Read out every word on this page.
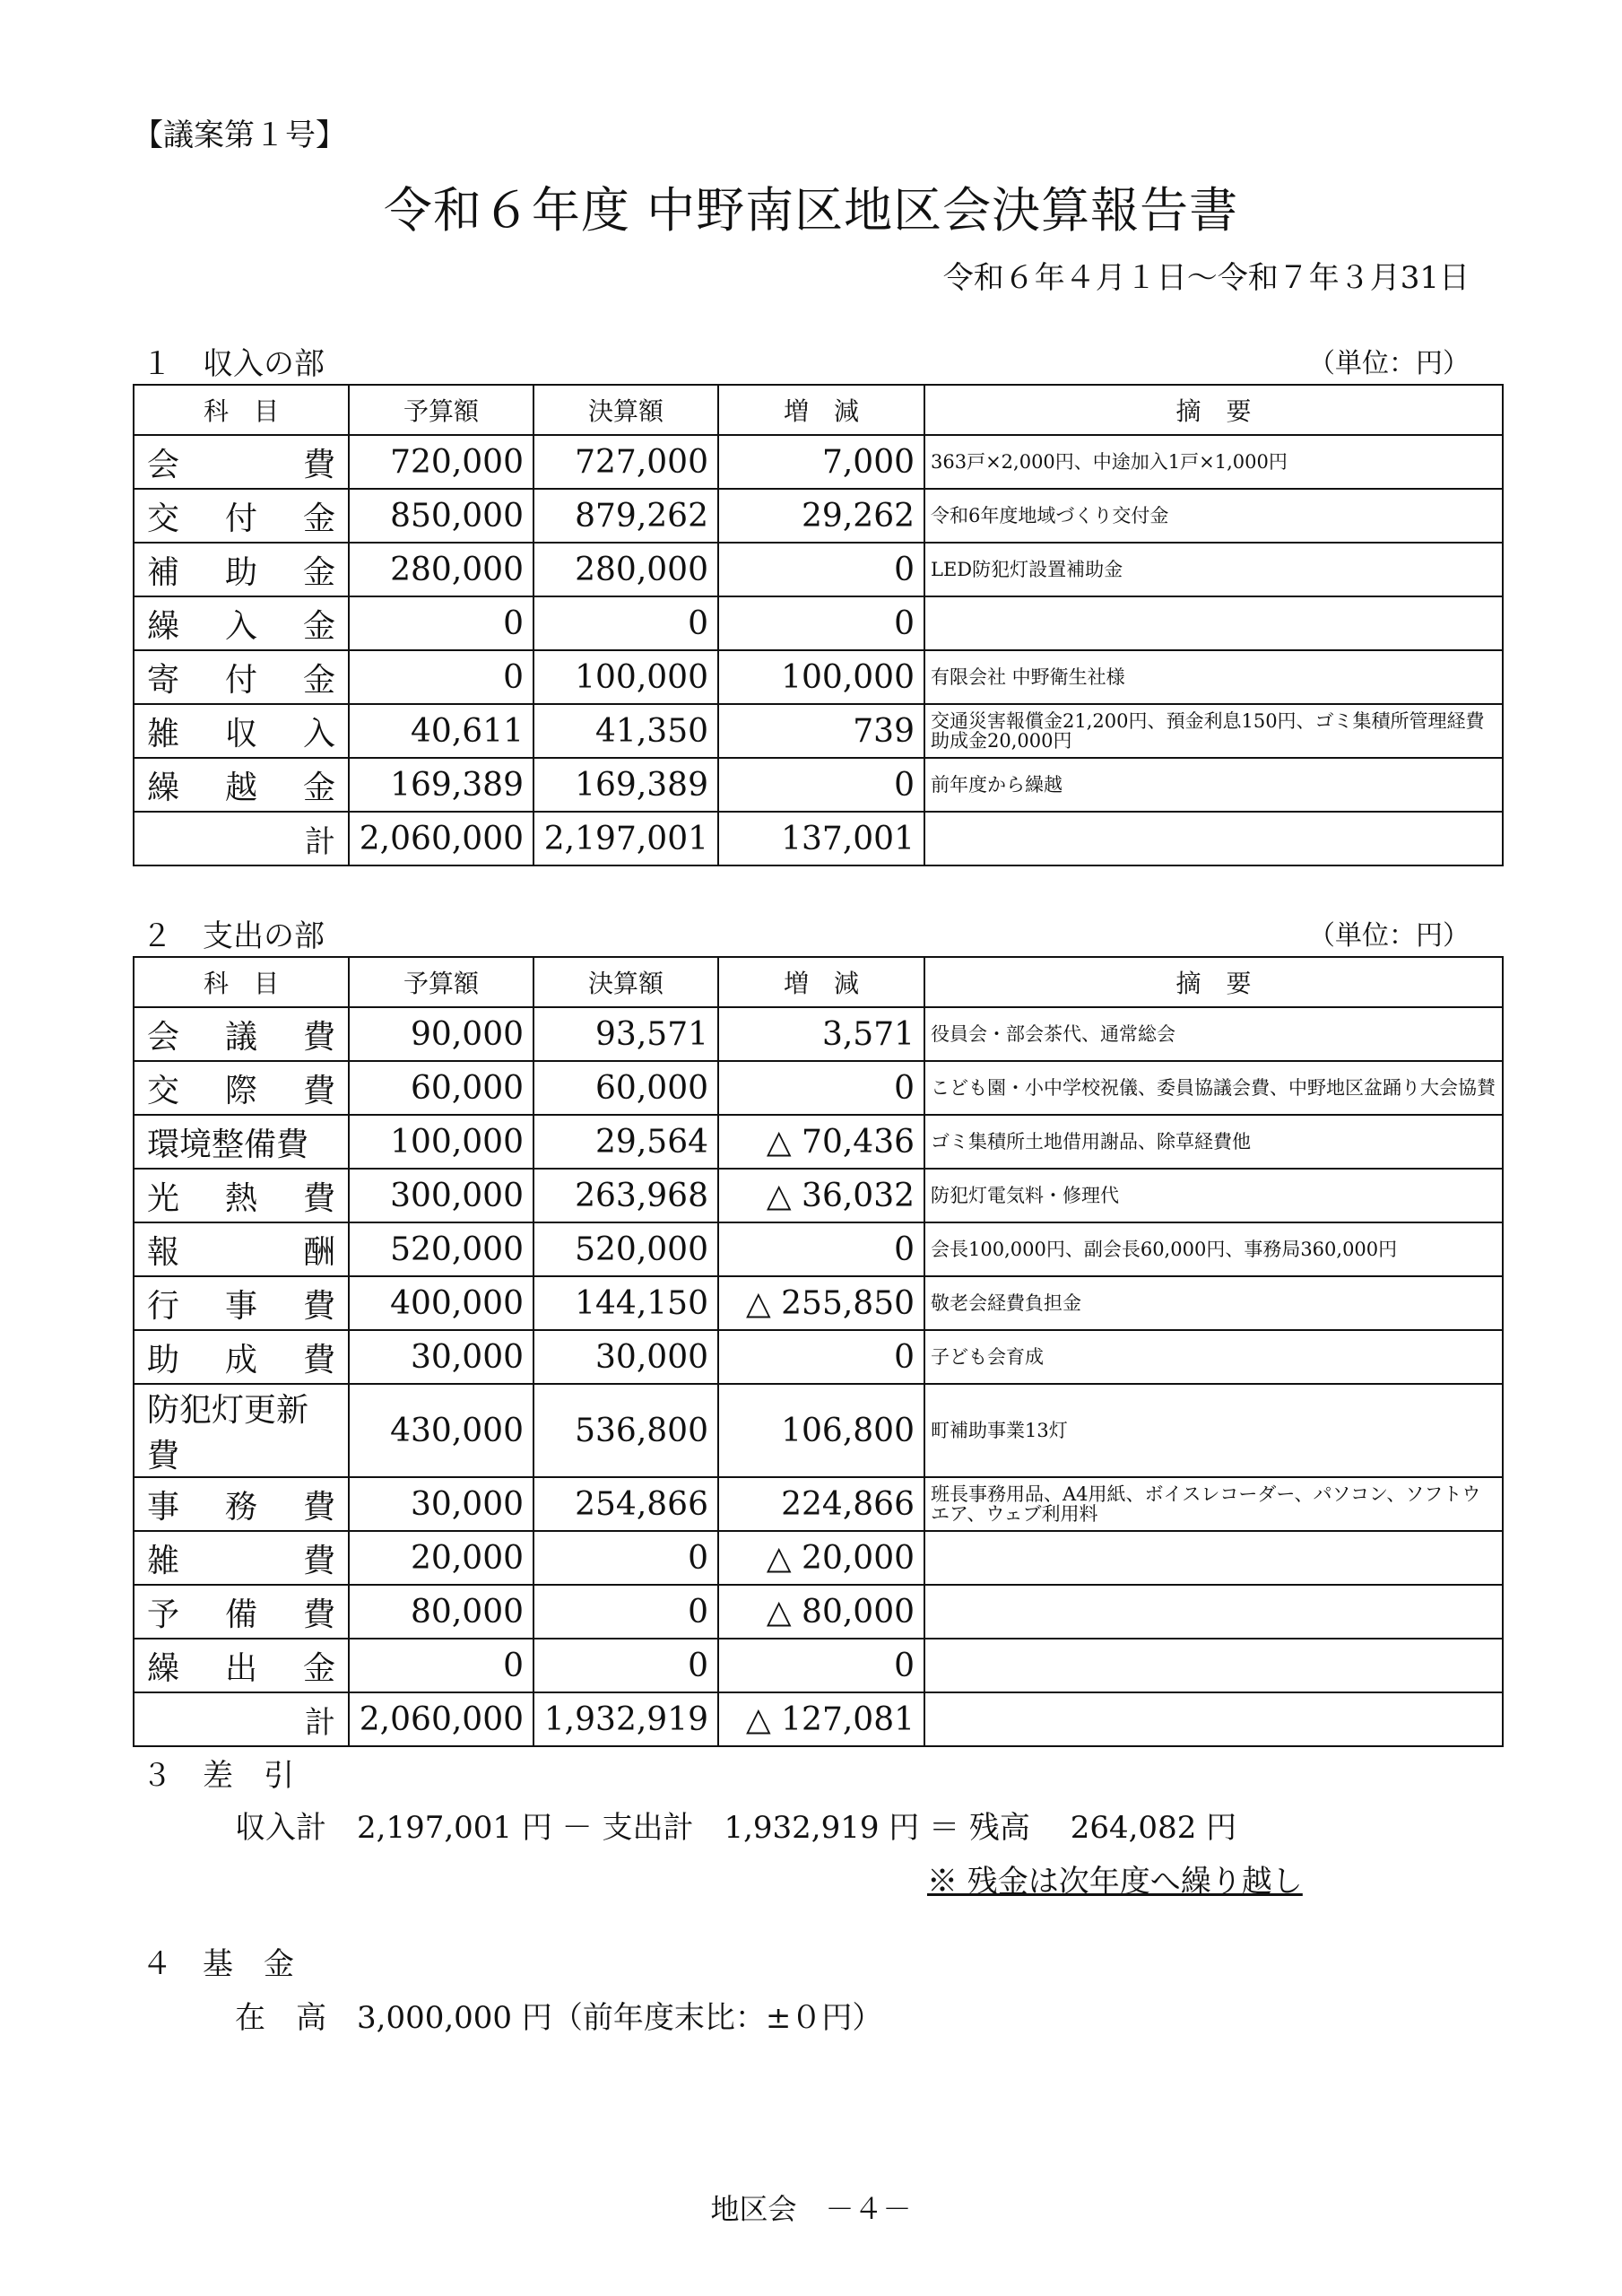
【議案第１号】
令和６年度 中野南区地区会決算報告書
令和６年４月１日～令和７年３月31日
１　収入の部	（単位：円）
科　目	予算額	決算額	増　減	摘　要

会 費	720,000	727,000	7,000	363戸×2,000円、中途加入1戸×1,000円

交 付 金	850,000	879,262	29,262	令和6年度地域づくり交付金

補 助 金	280,000	280,000	0	LED防犯灯設置補助金

繰 入 金	0	0	0	

寄 付 金	0	100,000	100,000	有限会社 中野衛生社様

雑 収 入	40,611	41,350	739	交通災害報償金21,200円、預金利息150円、ゴミ集積所管理経費助成金20,000円

繰 越 金	169,389	169,389	0	前年度から繰越
計	2,060,000	2,197,001	137,001	
２　支出の部	（単位：円）
科　目	予算額	決算額	増　減	摘　要

会 議 費	90,000	93,571	3,571	役員会・部会茶代、通常総会

交 際 費	60,000	60,000	0	こども園・小中学校祝儀、委員協議会費、中野地区盆踊り大会協賛

環境整備費	100,000	29,564	△ 70,436	ゴミ集積所土地借用謝品、除草経費他

光 熱 費	300,000	263,968	△ 36,032	防犯灯電気料・修理代

報 酬	520,000	520,000	0	会長100,000円、副会長60,000円、事務局360,000円

行 事 費	400,000	144,150	△ 255,850	敬老会経費負担金

助 成 費	30,000	30,000	0	子ども会育成

防犯灯更新費	430,000	536,800	106,800	町補助事業13灯

事 務 費	30,000	254,866	224,866	班長事務用品、A4用紙、ボイスレコーダー、パソコン、ソフトウエア、ウェブ利用料

雑 費	20,000	0	△ 20,000	

予 備 費	80,000	0	△ 80,000	

繰 出 金	0	0	0	
計	2,060,000	1,932,919	△ 127,081	
３　差　引
収入計　2,197,001 円 － 支出計　1,932,919 円 ＝ 残高　 264,082 円
※ 残金は次年度へ繰り越し
４　基　金
在　高　3,000,000 円（前年度末比：±０円）
地区会　－４－
